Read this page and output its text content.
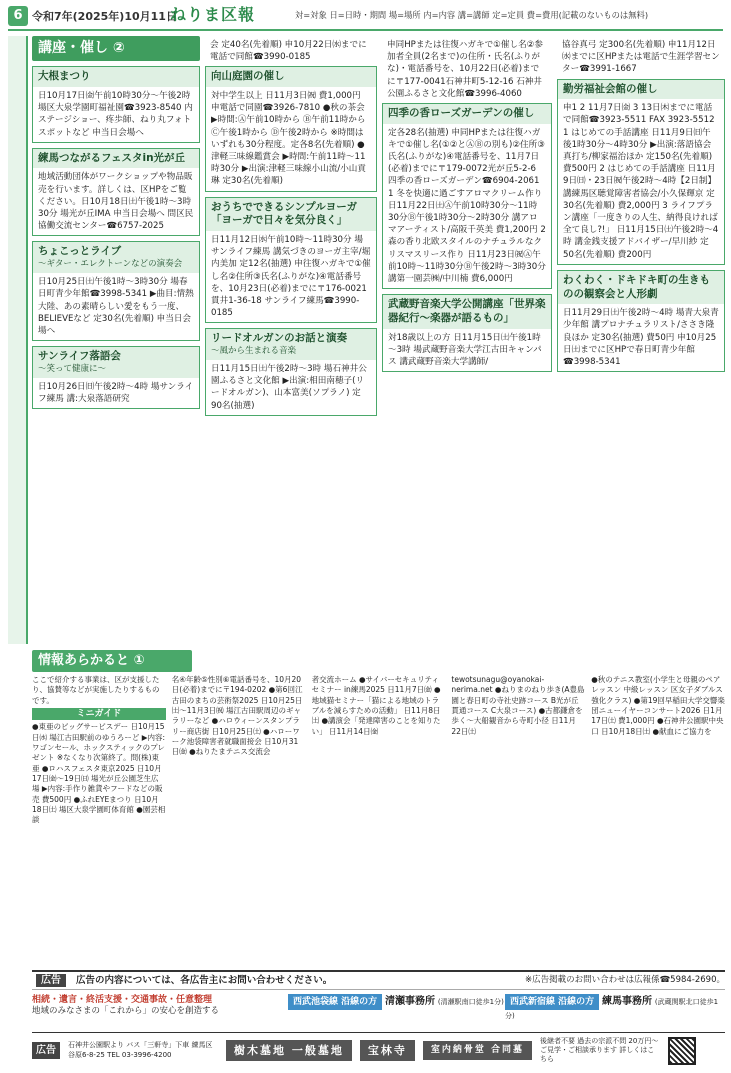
6 令和7年(2025年)10月11日
ねりま区報	対=対象 日=日時・期間 場=場所 内=内容 講=講師 定=定員 費=費用(記載のないものは無料)
講座・催し ②
大根まつり
日10月17日㈮午前10時30分～午後2時 場区大泉学園町福祉園☎3923-8540 内ステージショー、疼歩師、ねり丸フォトスポットなど 申当日会場へ
練馬つながるフェスタin光が丘
地域活動団体がワークショップや物品販売を行います。詳しくは、区HPをご覧ください。日10月18日㈯午後1時～3時30分 場光が丘IMA 申当日会場へ 問区民協働交流センター☎6757-2025
ちょこっとライブ
～ギター・エレクトーンなどの演奏会
日10月25日㈯午後1時～3時30分 場春日町青少年館☎3998-5341 ▶曲目:情熱大陸、あの素晴らしい愛をもう一度、BELIEVEなど 定30名(先着順) 申当日会場へ
サンライフ落語会
～笑って健康に～
日10月26日㈰午後2時～4時 場サンライフ練馬 講:大泉落語研究
会 定40名(先着順) 申10月22日㈬までに電話で同館☎3990-0185
向山庭園の催し
対中学生以上 日11月3日㈷ 費1,000円 申電話で同園☎3926-7810 ●秋の茶会 ▶時間:Ⓐ午前10時から Ⓑ午前11時から Ⓒ午後1時から Ⓓ午後2時から ※時間はいずれも30分程度。定各8名(先着順) ●津軽三味線鑑賞会 ▶時間:午前11時～11時30分 ▶出演:津軽三味線小山流/小山貢琳 定30名(先着順)
おうちでできるシンプルヨーガ「ヨーガで日々を気分良く」
日11月12日㈬午前10時～11時30分 場サンライフ練馬 講気づきのヨーガ主宰/堀内美加 定12名(抽選) 申往復ハガキで①催し名②住所③氏名(ふりがな)④電話番号を、10月23日(必着)までに〒176-0021貫井1-36-18 サンライフ練馬☎3990-0185
リードオルガンのお話と演奏
～風から生まれる音楽
日11月15日㈯午後2時～3時 場石神井公園ふるさと文化館 ▶出演:相田南穂子(リードオルガン)、山本富美(ソプラノ) 定90名(抽選)
申同HPまたは往復ハガキで①催し名②参加者全員(2名まで)の住所・氏名(ふりがな)・電話番号を、10月22日(必着)までに〒177-0041石神井町5-12-16 石神井公園ふるさと文化館☎3996-4060
四季の香ローズガーデンの催し
定各28名(抽選) 申同HPまたは往復ハガキで①催し名(①②とⒶⒷの別も)②住所③氏名(ふりがな)④電話番号を、11月7日(必着)までに〒179-0072光が丘5-2-6 四季の香ローズガーデン☎6904-2061 1 冬を快適に過ごすアロマクリーム作り 日11月22日㈯Ⓐ午前10時30分～11時30分Ⓑ午後1時30分～2時30分 講アロマアーティスト/高阪千英美 費1,200円 2 森の香り北欧スタイルのナチュラルなクリスマスリース作り 日11月23日㈷Ⓐ午前10時～11時30分Ⓑ午後2時～3時30分 講第一園芸㈱/中川楠 費6,000円
武蔵野音楽大学公開講座「世界楽器紀行～楽器が語るもの」
対18歳以上の方 日11月15日㈯午後1時～3時 場武蔵野音楽大学江古田キャンパス 講武蔵野音楽大学講師/
協谷真弓 定300名(先着順) 申11月12日㈬までに区HPまたは電話で生涯学習センター☎3991-1667
勤労福祉会館の催し
申1 2 11月7日㈮ 3 13日㈭までに電話で同館☎3923-5511 FAX 3923-5512 1 はじめての手話講座 日11月9日㈰午後1時30分～4時30分 ▶出演:落語協会真打ち/柳家福治ほか 定150名(先着順) 費500円 2 はじめての手話講座 日11月9日㈰・23日㈷午後2時～4時【2日制】 講練馬区聴覚障害者協会/小久保輝京 定30名(先着順) 費2,000円 3 ライフプラン講座「一度きりの人生、納得良ければ全て良し?!」 日11月15日㈯午後2時～4時 講金銭支援アドバイザー/早川紗 定50名(先着順) 費200円
わくわく・ドキドキ町の生きものの観察会と人形劇
日11月29日㈯午後2時～4時 場青大泉青少年館 講プロナチュラリスト/ささき隆良ほか 定30名(抽選) 費50円 申10月25日㈯までに区HPで春日町青少年館☎3998-5341
情報あらかると ①
ここで紹介する事業は、区が支援したり、協賛等などが実施したりするものです。
ミニガイド
●東亜のビッグサービスデー 日10月15日㈬ 場江古田駅前のゆうろーど ▶内容:ワゴンセール、ホックスティックのプレゼント ※なくなり次第終了。問(株)東亜 ●ロハスフェスタ東京2025 日10月17日㈮～19日㈰ 場光が丘公園芝生広場 ▶内容:手作り雑貨やフードなどの販売 費500円 ●ふれEYEまつり 日10月18日㈯ 場区大泉学園町体育館 ●園芸相談
名④年齢⑤性別⑥電話番号を、10月20日(必着)までに〒194-0202 ●第6回江古田のまちの芸術祭2025 日10月25日㈯～11月3日㈷ 場江古田駅周辺のギャラリーなど ●ハロウィーンスタンプラリー商店街 日10月25日㈯ ●ハローワーク池袋障害者就職面接会 日10月31日㈮ ●ねりたまテニス交流会
者交流ホーム ●サイバーセキュリティセミナー in練馬2025 日11月7日㈮ ●地域猫セミナー「猫による地域のトラブルを減らすための活動」 日11月8日㈯ ●講演会「発達障害のことを知りたい」 日11月14日㈮
tewotsunagu@oyanokai-nerima.net ●ねりまのねり歩き(A豊島園と春日町の寺社史跡コース B光が丘貫通コース C大泉コース) ●古都鎌倉を歩く～大船観音から寺町小径 日11月22日㈯
●秋のテニス教室(小学生と母親のペアレッスン 中級レッスン 区女子ダブルス強化クラス) ●第19回早稲田大学交響楽団ニューイヤーコンサート2026 日1月17日㈯ 費1,000円 ●石神井公園駅中央口 日10月18日㈯ ●献血にご協力を
広告	広告の内容については、各広告主にお問い合わせください。	※広告掲載のお問い合わせは広報係☎5984-2690。
相続・遺言・終活支援・交通事故・任意整理
地域のみなさまの「これから」の安心を創造する
西武池袋線 沿線の方 清瀬事務所 (清瀬駅南口徒歩1分) 西武新宿線 沿線の方 練馬事務所 (武蔵関駅北口徒歩1分)
広告	石神井公園駅より バス「三軒寺」下車 練馬区谷原6-8-25 TEL 03-3996-4200	樹木墓地 一般墓地	宝林寺	室内納骨堂 合同墓
後継者不要 過去の宗派不問 20万円～ ご見学・ご相談承ります 詳しくはこちら
